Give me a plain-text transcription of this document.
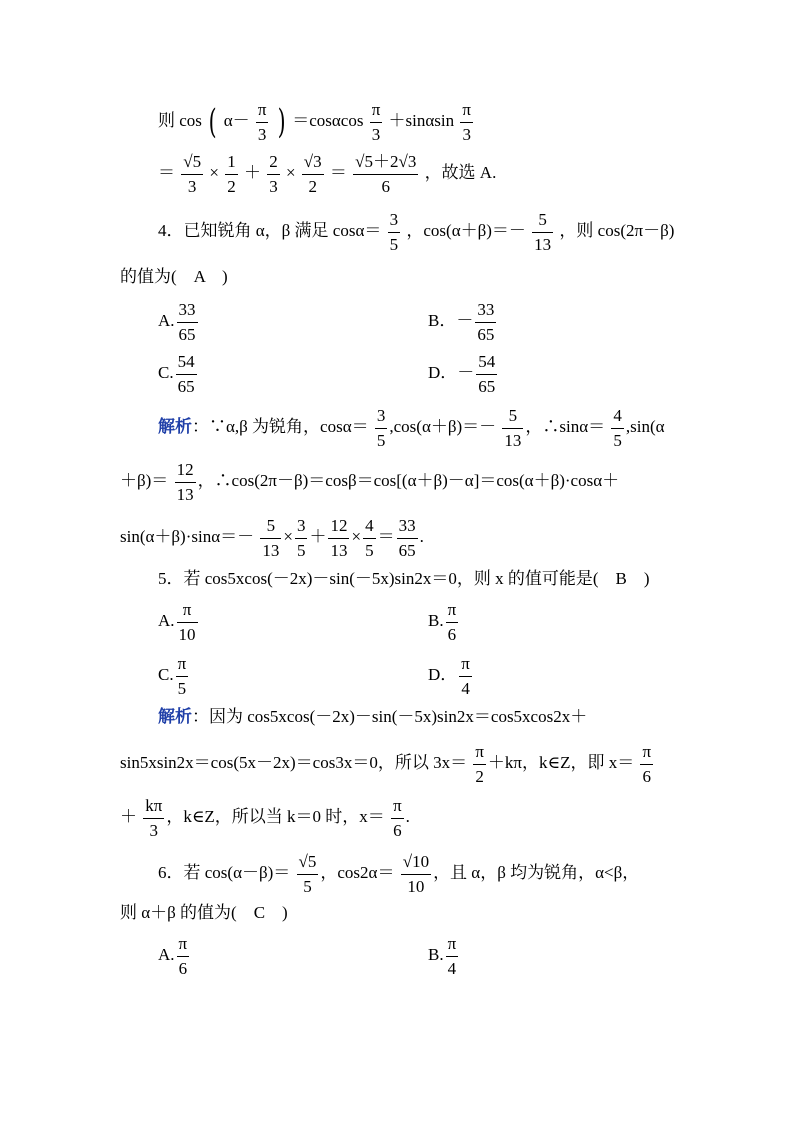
则 cos ( $\alpha- \frac{\pi}{3}$ ) $=\cos\alpha\cos \frac{\pi}{3} +\sin\alpha\sin \frac{\pi}{3}$
＝ $\frac{√5}{3} \times \frac{1}{2} + \frac{2}{3} \times \frac{√3}{2} = \frac{√5+2√3}{6}$ ，故选 A.
4．已知锐角 α，β 满足 $\cos\alpha= \frac{3}{5}$ ，$\cos(\alpha+\beta)=- \frac{5}{13}$ ，则 cos(2π－β)
的值为(　A　)
A. $\frac{33}{65}$	B．－ $\frac{33}{65}$
C. $\frac{54}{65}$	D．－ $\frac{54}{65}$
解析：∵α,β 为锐角，$\cos\alpha= \frac{3}{5} ,\cos(\alpha+\beta)=- \frac{5}{13}$ ，∴sinα＝ $\frac{4}{5} ,\sin(\alpha$
$+\beta)= \frac{12}{13}$ ，∴cos(2π－β)＝cosβ＝cos[(α＋β)－α]＝cos(α＋β)·cosα＋
$\sin(\alpha+\beta)\cdot\sin\alpha=- \frac{5}{13} \times \frac{3}{5} + \frac{12}{13} \times \frac{4}{5} = \frac{33}{65}$ .
5．若 cos5xcos(－2x)－sin(－5x)sin2x＝0，则 x 的值可能是(　B　)
A. $\frac{\pi}{10}$	B. $\frac{\pi}{6}$
C. $\frac{\pi}{5}$	D． $\frac{\pi}{4}$
解析：因为 cos5xcos(－2x)－sin(－5x)sin2x＝cos5xcos2x＋
sin5xsin2x＝cos(5x－2x)＝cos3x＝0，所以 $3x= \frac{\pi}{2} +k\pi$，k∈Z，即 $x= \frac{\pi}{6}$
＋ $\frac{k\pi}{3}$ ，k∈Z，所以当 k＝0 时，$x= \frac{\pi}{6}$ .
6．若 $\cos(\alpha-\beta)= \frac{√5}{5}$ ，$\cos 2\alpha= \frac{√10}{10}$ ，且 α，β 均为锐角，α<β，
则 α＋β 的值为(　C　)
A. $\frac{\pi}{6}$	B. $\frac{\pi}{4}$
